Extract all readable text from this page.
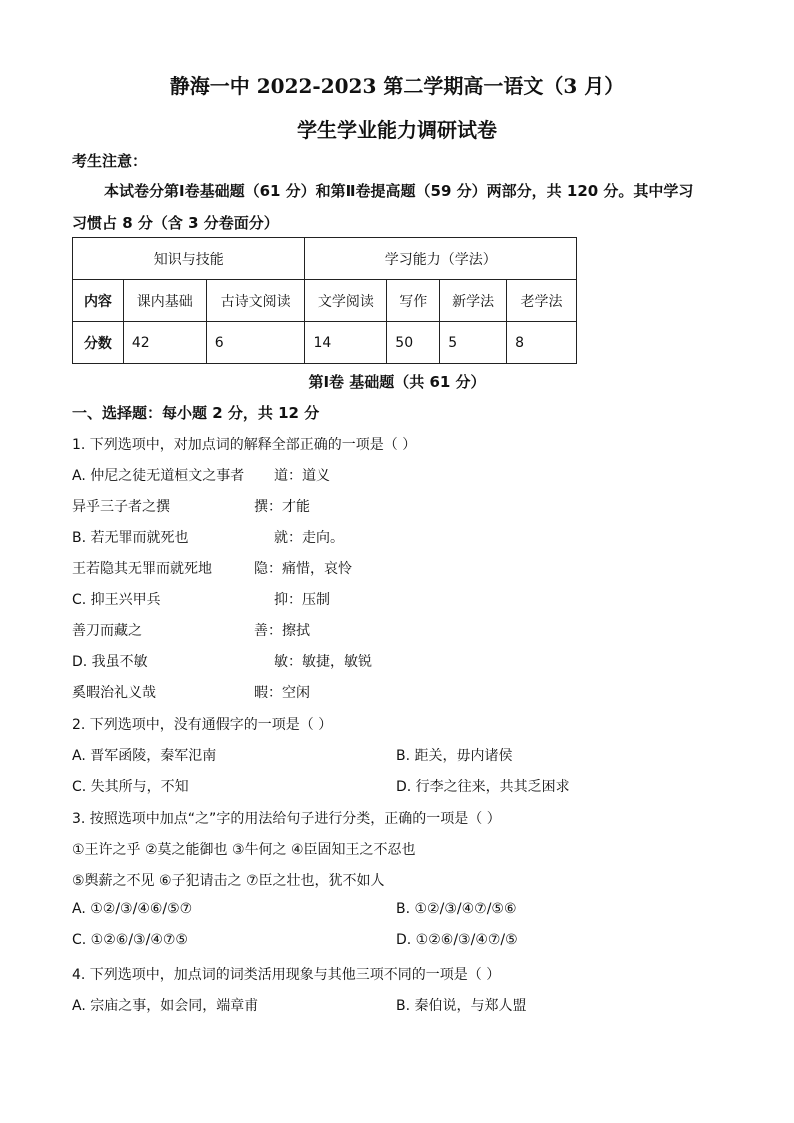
静海一中 2022-2023 第二学期高一语文（3 月）
学生学业能力调研试卷
考生注意：
本试卷分第Ⅰ卷基础题（61 分）和第Ⅱ卷提高题（59 分）两部分，共 120 分。其中学习
习惯占 8 分（含 3 分卷面分）
知识与技能			学习能力（学法）			
内容	课内基础	古诗文阅读	文学阅读	写作	新学法	老学法
分数	42	6	14	50	5	8
第Ⅰ卷 基础题（共 61 分）
一、选择题：每小题 2 分，共 12 分
1. 下列选项中，对加点词的解释全部正确的一项是（ ）
A. 仲尼之徒无道桓文之事者 道：道义
异乎三子者之撰	撰：才能
B. 若无罪而就死也	就：走向。
王若隐其无罪而就死地	隐：痛惜，哀怜
C. 抑王兴甲兵	抑：压制
善刀而藏之	善：擦拭
D. 我虽不敏	敏：敏捷，敏锐
奚暇治礼义哉	暇：空闲
2. 下列选项中，没有通假字的一项是（ ）
A. 晋军函陵，秦军氾南	B. 距关，毋内诸侯
C. 失其所与，不知	D. 行李之往来，共其乏困求
3. 按照选项中加点“之”字的用法给句子进行分类，正确的一项是（ ）
①王许之乎 ②莫之能御也 ③牛何之 ④臣固知王之不忍也
⑤舆薪之不见 ⑥子犯请击之 ⑦臣之壮也，犹不如人
A. ①②/③/④⑥/⑤⑦	B. ①②/③/④⑦/⑤⑥
C. ①②⑥/③/④⑦⑤	D. ①②⑥/③/④⑦/⑤
4. 下列选项中，加点词的词类活用现象与其他三项不同的一项是（ ）
A. 宗庙之事，如会同，端章甫	B. 秦伯说，与郑人盟
